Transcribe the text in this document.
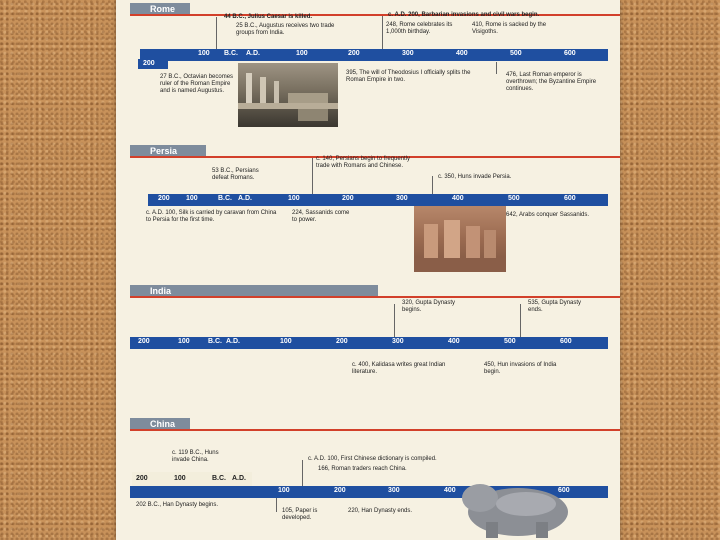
Rome
100 B.C. A.D.	100	200	300	400	500	600
200
44 B.C., Julius Caesar is killed.
25 B.C., Augustus receives two trade groups from India.
27 B.C., Octavian becomes ruler of the Roman Empire and is named Augustus.
c. A.D. 200, Barbarian invasions and civil wars begin.
248, Rome celebrates its 1,000th birthday.
410, Rome is sacked by the Visigoths.
395, The will of Theodosius I officially splits the Roman Empire in two.
476, Last Roman emperor is overthrown; the Byzantine Empire continues.
Persia
200 100	B.C. A.D.	100	200	300	400	500	600
53 B.C., Persians defeat Romans.
c. 140, Persians begin to frequently trade with Romans and Chinese.
c. 350, Huns invade Persia.
c. A.D. 100, Silk is carried by caravan from China to Persia for the first time.
224, Sassanids come to power.
642, Arabs conquer Sassanids.
India
200	100	B.C. A.D.	100	200	300	400	500	600
320, Gupta Dynasty begins.
535, Gupta Dynasty ends.
c. 400, Kalidasa writes great Indian literature.
450, Hun invasions of India begin.
China
100	200	300	400	600
200	100	B.C. A.D.
c. 119 B.C., Huns invade China.	c. A.D. 100, First Chinese dictionary is compiled.
166, Roman traders reach China.
202 B.C., Han Dynasty begins.
105, Paper is developed.
220, Han Dynasty ends.
